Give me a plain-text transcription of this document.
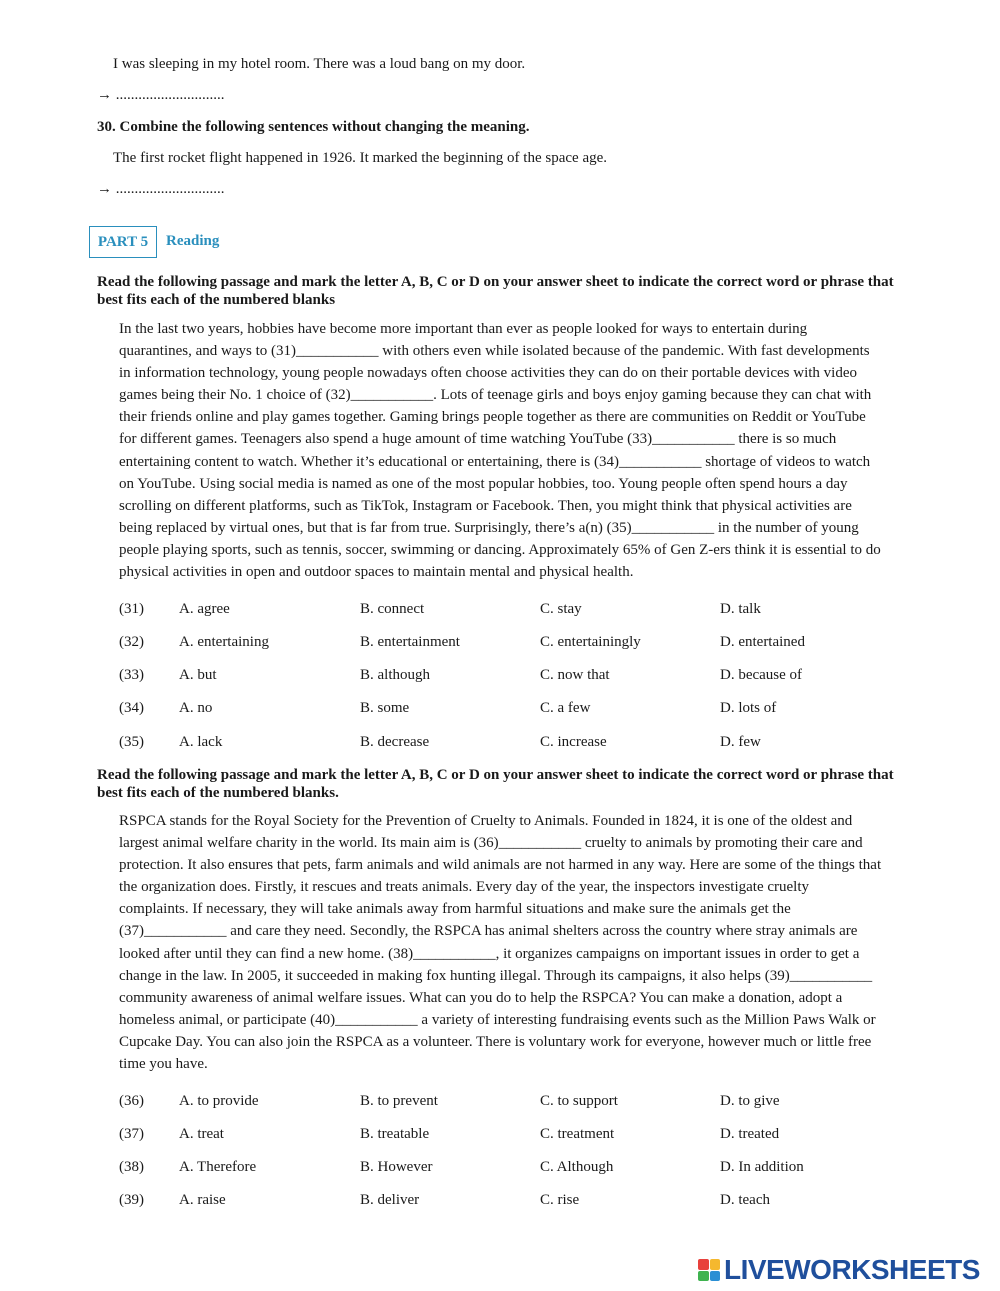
I was sleeping in my hotel room. There was a loud bang on my door.
→ .............................
30. Combine the following sentences without changing the meaning.
The first rocket flight happened in 1926. It marked the beginning of the space age.
→ .............................
PART 5	Reading
Read the following passage and mark the letter A, B, C or D on your answer sheet to indicate the correct word or phrase that best fits each of the numbered blanks

In the last two years, hobbies have become more important than ever as people looked for ways to entertain during

quarantines, and ways to (31)___________ with others even while isolated because of the pandemic. With fast developments

in information technology, young people nowadays often choose activities they can do on their portable devices with video

games being their No. 1 choice of (32)___________. Lots of teenage girls and boys enjoy gaming because they can chat with

their friends online and play games together. Gaming brings people together as there are communities on Reddit or YouTube

for different games. Teenagers also spend a huge amount of time watching YouTube (33)___________ there is so much

entertaining content to watch. Whether it’s educational or entertaining, there is (34)___________ shortage of videos to watch

on YouTube. Using social media is named as one of the most popular hobbies, too. Young people often spend hours a day

scrolling on different platforms, such as TikTok, Instagram or Facebook. Then, you might think that physical activities are

being replaced by virtual ones, but that is far from true. Surprisingly, there’s a(n) (35)___________ in the number of young

people playing sports, such as tennis, soccer, swimming or dancing. Approximately 65% of Gen Z-ers think it is essential to do

physical activities in open and outdoor spaces to maintain mental and physical health.

(31) A. agree	B. connect	C. stay	D. talk
(32) A. entertaining	B. entertainment	C. entertainingly	D. entertained
(33) A. but	B. although	C. now that	D. because of
(34) A. no	B. some	C. a few	D. lots of
(35) A. lack	B. decrease	C. increase	D. few
Read the following passage and mark the letter A, B, C or D on your answer sheet to indicate the correct word or phrase that best fits each of the numbered blanks.

RSPCA stands for the Royal Society for the Prevention of Cruelty to Animals. Founded in 1824, it is one of the oldest and

largest animal welfare charity in the world. Its main aim is (36)___________ cruelty to animals by promoting their care and

protection. It also ensures that pets, farm animals and wild animals are not harmed in any way. Here are some of the things that

the organization does. Firstly, it rescues and treats animals. Every day of the year, the inspectors investigate cruelty

complaints. If necessary, they will take animals away from harmful situations and make sure the animals get the

(37)___________ and care they need. Secondly, the RSPCA has animal shelters across the country where stray animals are

looked after until they can find a new home. (38)___________, it organizes campaigns on important issues in order to get a

change in the law. In 2005, it succeeded in making fox hunting illegal. Through its campaigns, it also helps (39)___________

community awareness of animal welfare issues. What can you do to help the RSPCA? You can make a donation, adopt a

homeless animal, or participate (40)___________ a variety of interesting fundraising events such as the Million Paws Walk or

Cupcake Day. You can also join the RSPCA as a volunteer. There is voluntary work for everyone, however much or little free

time you have.

(36) A. to provide	B. to prevent	C. to support	D. to give
(37) A. treat	B. treatable	C. treatment	D. treated
(38) A. Therefore	B. However	C. Although	D. In addition
(39) A. raise	B. deliver	C. rise	D. teach
LIVEWORKSHEETS
